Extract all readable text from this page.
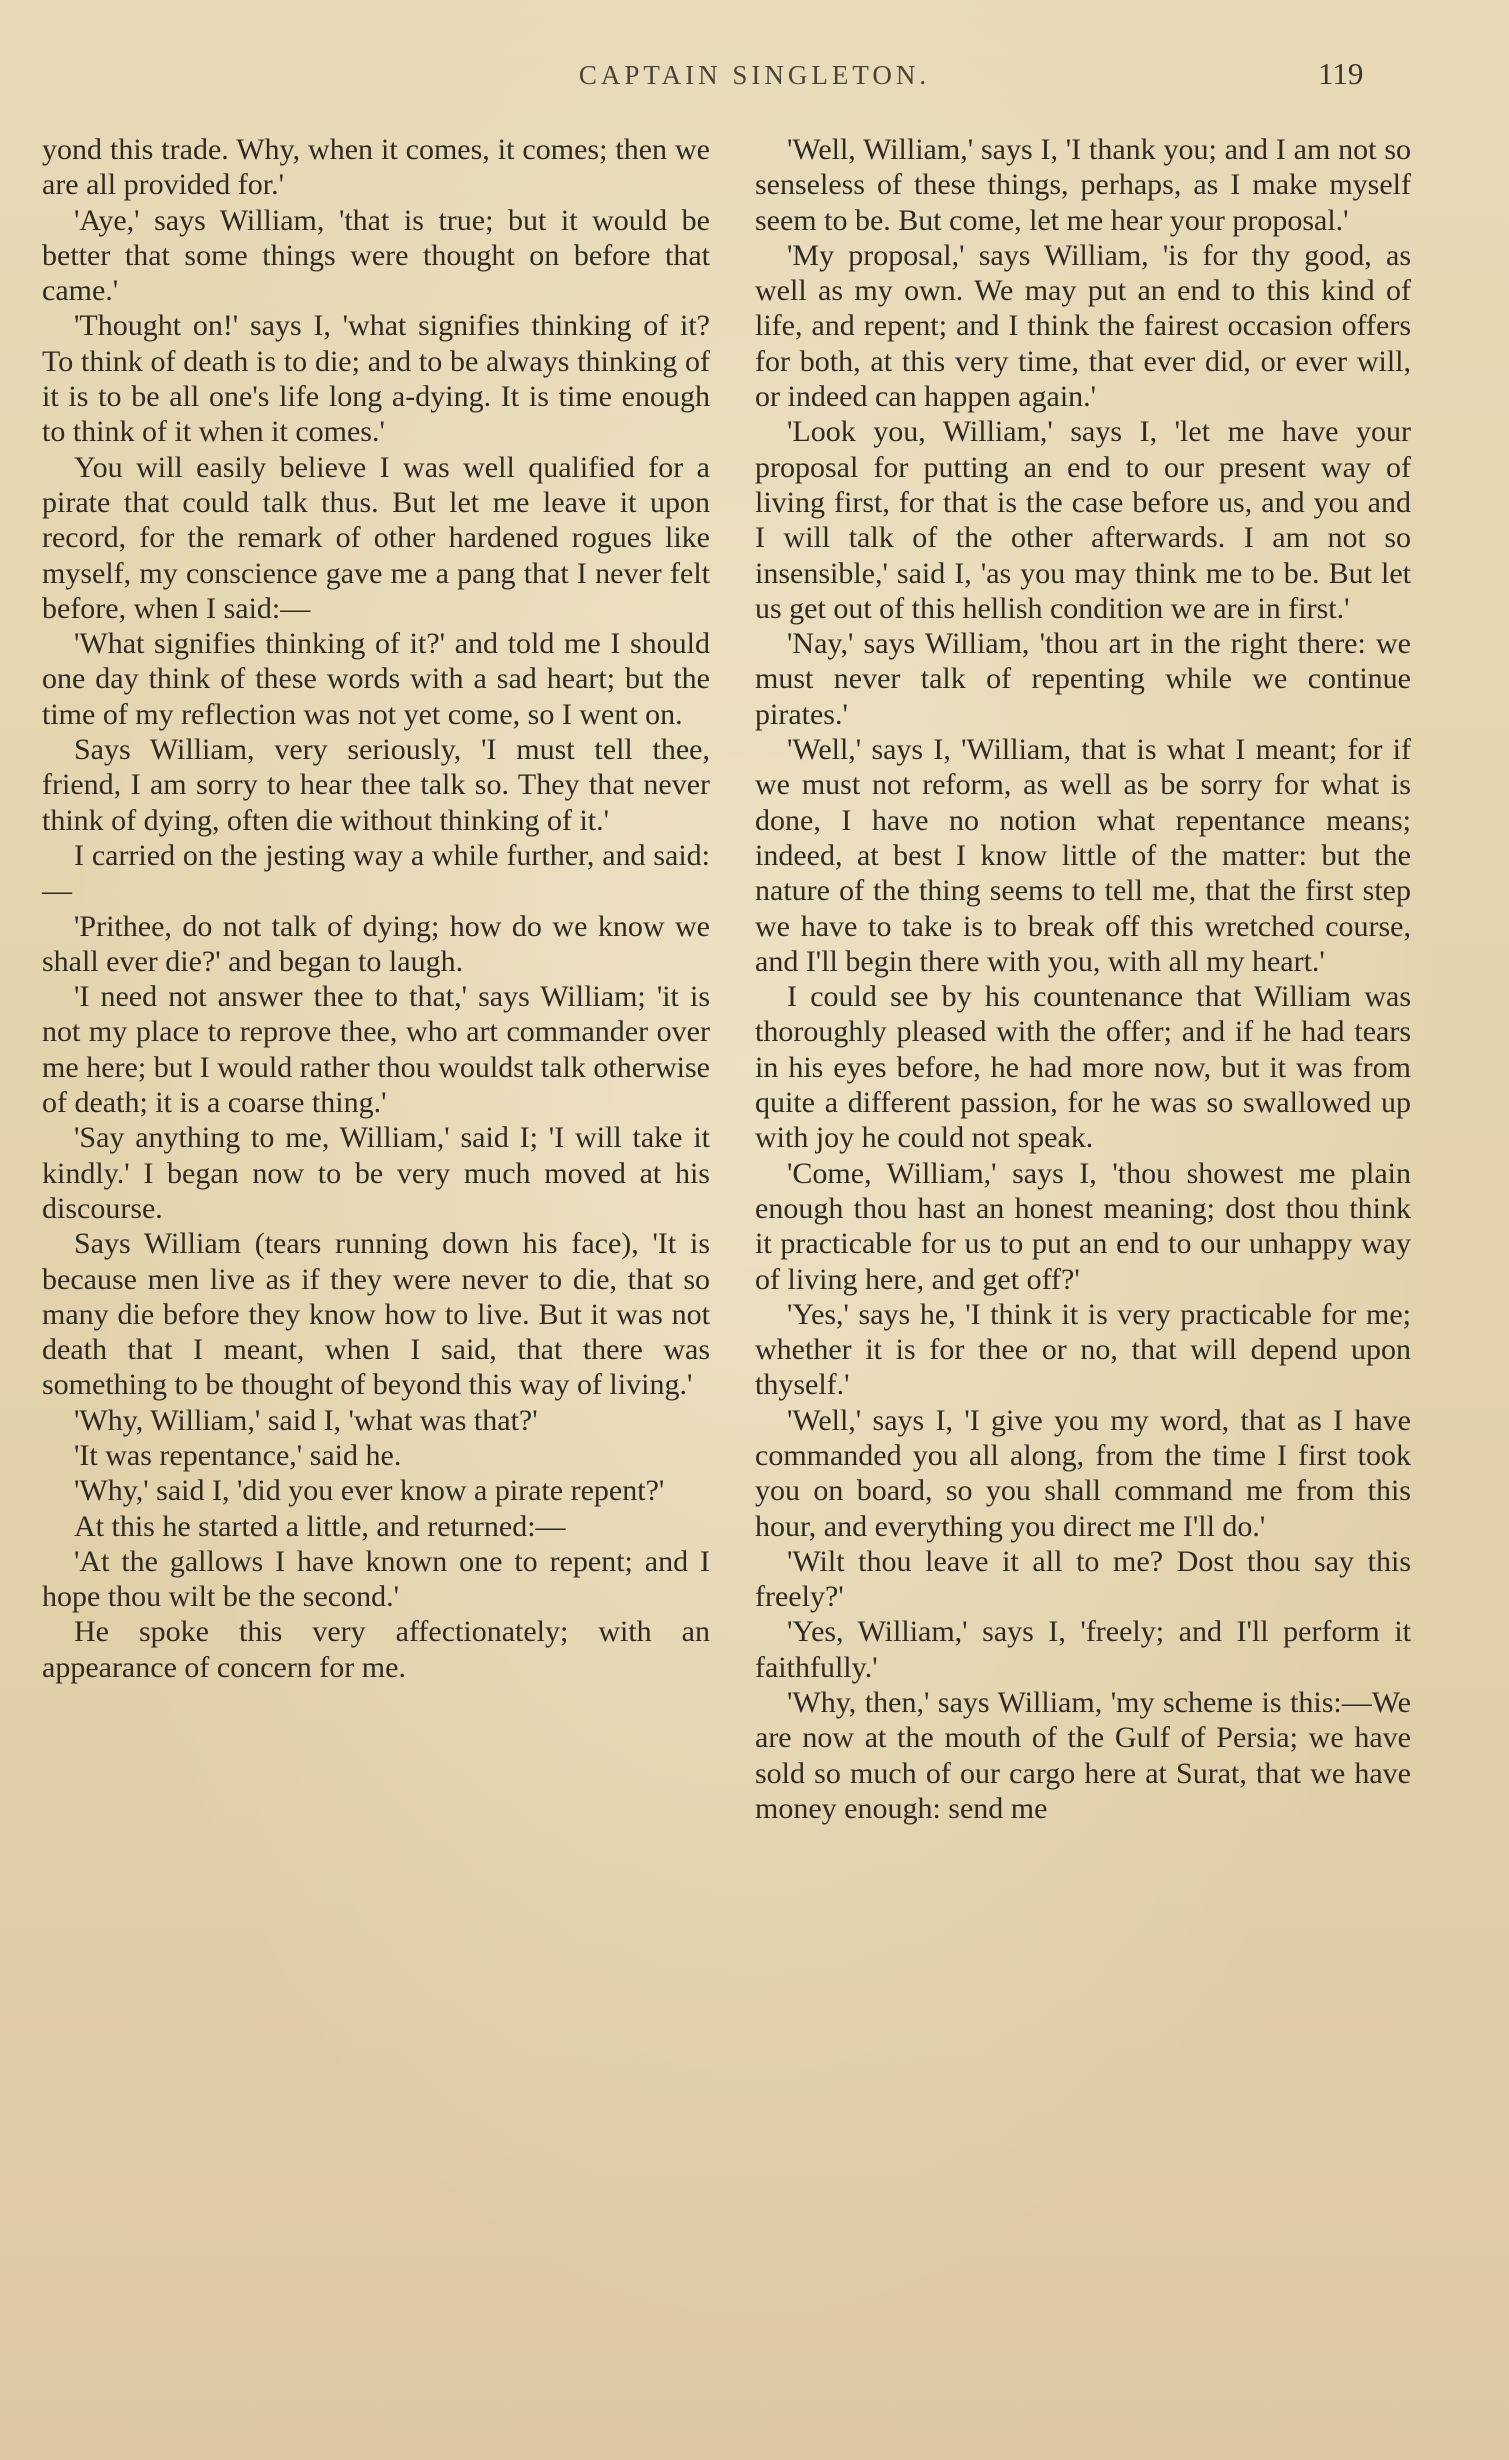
CAPTAIN SINGLETON.	119

yond this trade. Why, when it comes, it comes; then we are all provided for.'

'Aye,' says William, 'that is true; but it would be better that some things were thought on before that came.'

'Thought on!' says I, 'what signifies thinking of it? To think of death is to die; and to be always thinking of it is to be all one's life long a-dying. It is time enough to think of it when it comes.'

You will easily believe I was well qualified for a pirate that could talk thus. But let me leave it upon record, for the remark of other hardened rogues like myself, my conscience gave me a pang that I never felt before, when I said:—

'What signifies thinking of it?' and told me I should one day think of these words with a sad heart; but the time of my reflection was not yet come, so I went on.

Says William, very seriously, 'I must tell thee, friend, I am sorry to hear thee talk so. They that never think of dying, often die without thinking of it.'

I carried on the jesting way a while further, and said:—

'Prithee, do not talk of dying; how do we know we shall ever die?' and began to laugh.

'I need not answer thee to that,' says William; 'it is not my place to reprove thee, who art commander over me here; but I would rather thou wouldst talk otherwise of death; it is a coarse thing.'

'Say anything to me, William,' said I; 'I will take it kindly.' I began now to be very much moved at his discourse.

Says William (tears running down his face), 'It is because men live as if they were never to die, that so many die before they know how to live. But it was not death that I meant, when I said, that there was something to be thought of beyond this way of living.'

'Why, William,' said I, 'what was that?'

'It was repentance,' said he.

'Why,' said I, 'did you ever know a pirate repent?'

At this he started a little, and returned:—

'At the gallows I have known one to repent; and I hope thou wilt be the second.'

He spoke this very affectionately; with an appearance of concern for me.

'Well, William,' says I, 'I thank you; and I am not so senseless of these things, perhaps, as I make myself seem to be. But come, let me hear your proposal.'

'My proposal,' says William, 'is for thy good, as well as my own. We may put an end to this kind of life, and repent; and I think the fairest occasion offers for both, at this very time, that ever did, or ever will, or indeed can happen again.'

'Look you, William,' says I, 'let me have your proposal for putting an end to our present way of living first, for that is the case before us, and you and I will talk of the other afterwards. I am not so insensible,' said I, 'as you may think me to be. But let us get out of this hellish condition we are in first.'

'Nay,' says William, 'thou art in the right there: we must never talk of repenting while we continue pirates.'

'Well,' says I, 'William, that is what I meant; for if we must not reform, as well as be sorry for what is done, I have no notion what repentance means; indeed, at best I know little of the matter: but the nature of the thing seems to tell me, that the first step we have to take is to break off this wretched course, and I'll begin there with you, with all my heart.'

I could see by his countenance that William was thoroughly pleased with the offer; and if he had tears in his eyes before, he had more now, but it was from quite a different passion, for he was so swallowed up with joy he could not speak.

'Come, William,' says I, 'thou showest me plain enough thou hast an honest meaning; dost thou think it practicable for us to put an end to our unhappy way of living here, and get off?'

'Yes,' says he, 'I think it is very practicable for me; whether it is for thee or no, that will depend upon thyself.'

'Well,' says I, 'I give you my word, that as I have commanded you all along, from the time I first took you on board, so you shall command me from this hour, and everything you direct me I'll do.'

'Wilt thou leave it all to me? Dost thou say this freely?'

'Yes, William,' says I, 'freely; and I'll perform it faithfully.'

'Why, then,' says William, 'my scheme is this:—We are now at the mouth of the Gulf of Persia; we have sold so much of our cargo here at Surat, that we have money enough: send me
